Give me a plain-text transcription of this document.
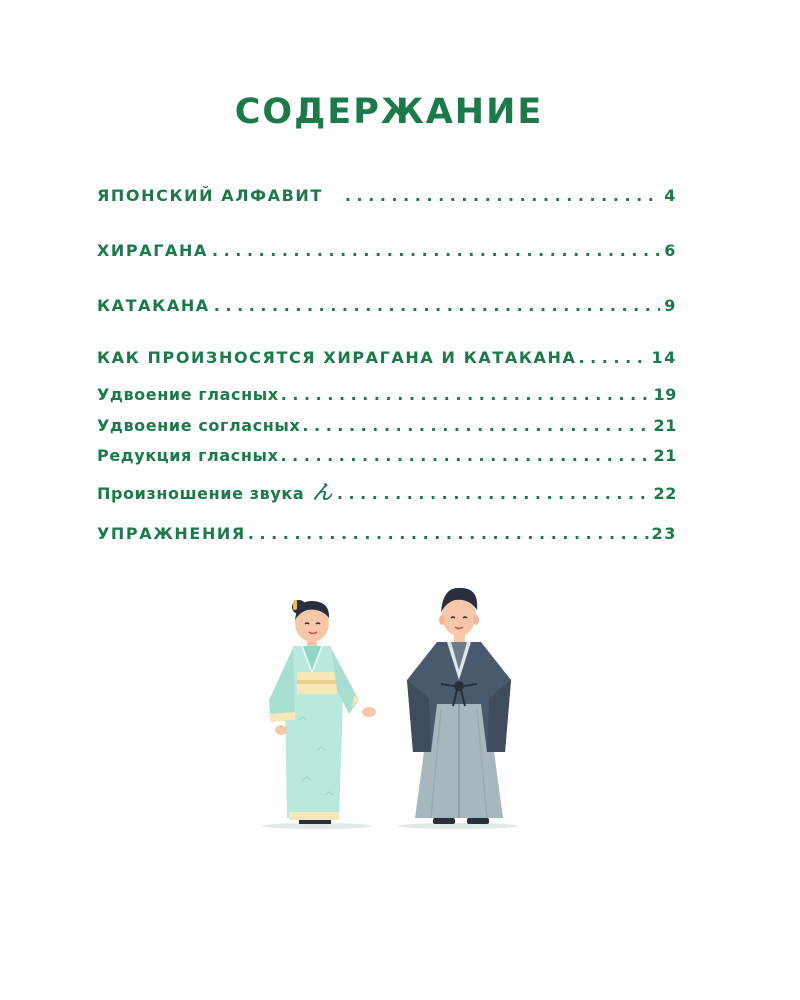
СОДЕРЖАНИЕ
ЯПОНСКИЙ АЛФАВИТ . . .	4
ХИРАГАНА . . .	6
КАТАКАНА . . .	9
КАК ПРОИЗНОСЯТСЯ ХИРАГАНА И КАТАКАНА . . .	14
Удвоение гласных . . .	19
Удвоение согласных . . .	21
Редукция гласных . . .	21
Произношение звука ん . . .	22
УПРАЖНЕНИЯ . . .	23
